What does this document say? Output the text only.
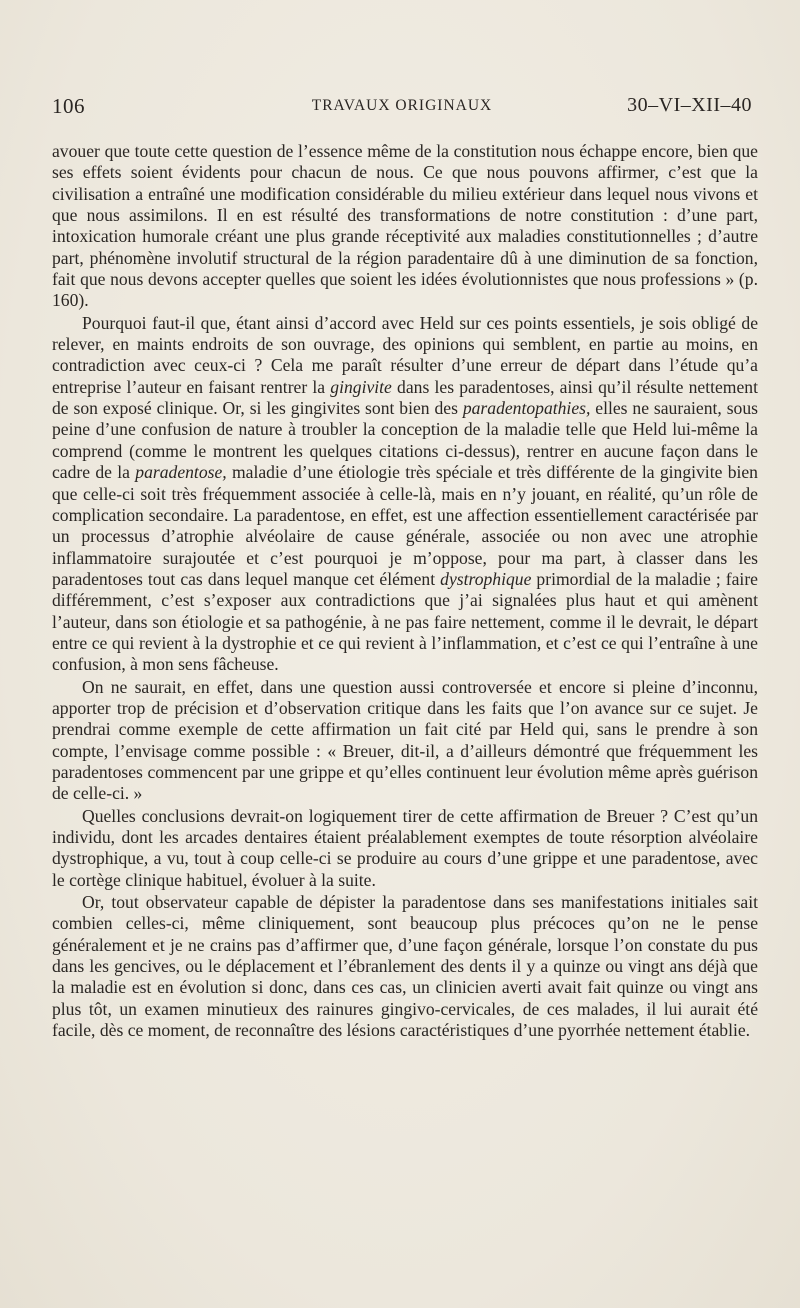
106	TRAVAUX ORIGINAUX	30–VI–XII–40

avouer que toute cette question de l’essence même de la constitution nous échappe encore, bien que ses effets soient évidents pour chacun de nous. Ce que nous pouvons affirmer, c’est que la civilisation a entraîné une modification considérable du milieu extérieur dans lequel nous vivons et que nous assimilons. Il en est résulté des transformations de notre constitution : d’une part, intoxication humorale créant une plus grande réceptivité aux maladies constitutionnelles ; d’autre part, phénomène involutif structural de la région paradentaire dû à une diminution de sa fonction, fait que nous devons accepter quelles que soient les idées évolutionnistes que nous professions » (p. 160).

Pourquoi faut-il que, étant ainsi d’accord avec Held sur ces points essentiels, je sois obligé de relever, en maints endroits de son ouvrage, des opinions qui semblent, en partie au moins, en contradiction avec ceux-ci ? Cela me paraît résulter d’une erreur de départ dans l’étude qu’a entreprise l’auteur en faisant rentrer la gingivite dans les paradentoses, ainsi qu’il résulte nettement de son exposé clinique. Or, si les gingivites sont bien des paradentopathies, elles ne sauraient, sous peine d’une confusion de nature à troubler la conception de la maladie telle que Held lui-même la comprend (comme le montrent les quelques citations ci-dessus), rentrer en aucune façon dans le cadre de la paradentose, maladie d’une étiologie très spéciale et très différente de la gingivite bien que celle-ci soit très fréquemment associée à celle-là, mais en n’y jouant, en réalité, qu’un rôle de complication secondaire. La paradentose, en effet, est une affection essentiellement caractérisée par un processus d’atrophie alvéolaire de cause générale, associée ou non avec une atrophie inflammatoire surajoutée et c’est pourquoi je m’oppose, pour ma part, à classer dans les paradentoses tout cas dans lequel manque cet élément dystrophique primordial de la maladie ; faire différemment, c’est s’exposer aux contradictions que j’ai signalées plus haut et qui amènent l’auteur, dans son étiologie et sa pathogénie, à ne pas faire nettement, comme il le devrait, le départ entre ce qui revient à la dystrophie et ce qui revient à l’inflammation, et c’est ce qui l’entraîne à une confusion, à mon sens fâcheuse.

On ne saurait, en effet, dans une question aussi controversée et encore si pleine d’inconnu, apporter trop de précision et d’observation critique dans les faits que l’on avance sur ce sujet. Je prendrai comme exemple de cette affirmation un fait cité par Held qui, sans le prendre à son compte, l’envisage comme possible : « Breuer, dit-il, a d’ailleurs démontré que fréquemment les paradentoses commencent par une grippe et qu’elles continuent leur évolution même après guérison de celle-ci. »

Quelles conclusions devrait-on logiquement tirer de cette affirmation de Breuer ? C’est qu’un individu, dont les arcades dentaires étaient préalablement exemptes de toute résorption alvéolaire dystrophique, a vu, tout à coup celle-ci se produire au cours d’une grippe et une paradentose, avec le cortège clinique habituel, évoluer à la suite.

Or, tout observateur capable de dépister la paradentose dans ses manifestations initiales sait combien celles-ci, même cliniquement, sont beaucoup plus précoces qu’on ne le pense généralement et je ne crains pas d’affirmer que, d’une façon générale, lorsque l’on constate du pus dans les gencives, ou le déplacement et l’ébranlement des dents il y a quinze ou vingt ans déjà que la maladie est en évolution si donc, dans ces cas, un clinicien averti avait fait quinze ou vingt ans plus tôt, un examen minutieux des rainures gingivo-cervicales, de ces malades, il lui aurait été facile, dès ce moment, de reconnaître des lésions caractéristiques d’une pyorrhée nettement établie.
